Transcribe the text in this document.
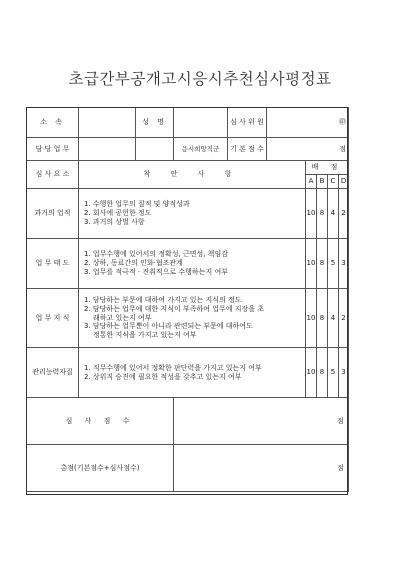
초급간부공개고시응시추천심사평정표
소 속		성 명		심 사 위 원	㊞				
담 당 업 무			응시희망직군	기 본 점 수	점				
심 사 요 소	착 안 사 항					배 점			
						A	B	C	D
과거의 업적	1. 수행한 업무의 질적 및 양적성과
2. 회사에 공헌한 정도
3. 과거의 상벌 사항					10	8	4	2
업 무 태 도	1. 업무수행에 있어서의 정확성, 근면성, 책임감
2. 상하, 동료간의 인화·협조관계
3. 업무를 적극적 · 진취적으로 수행하는지 여부					10	8	5	3
업 무 지 식	1. 담당하는 부문에 대하여 가지고 있는 지식의 정도
2. 담당하는 업무에 대한 지식이 부족하여 업무에 지장을 초
래하고 있는지 여부
3. 담당하는 업무뿐이 아니라 관련되는 부문에 대하여도
정통한 지식을 가지고 있는지 여부					10	8	4	2
관리능력자질	1. 직무수행에 있어서 정확한 판단력을 가지고 있는지 여부
2. 상위직 승진에 필요한 적성을 갖추고 있는지 여부					10	8	5	3
심 사 점 수			점						
총점(기본점수+심사점수)			점						
